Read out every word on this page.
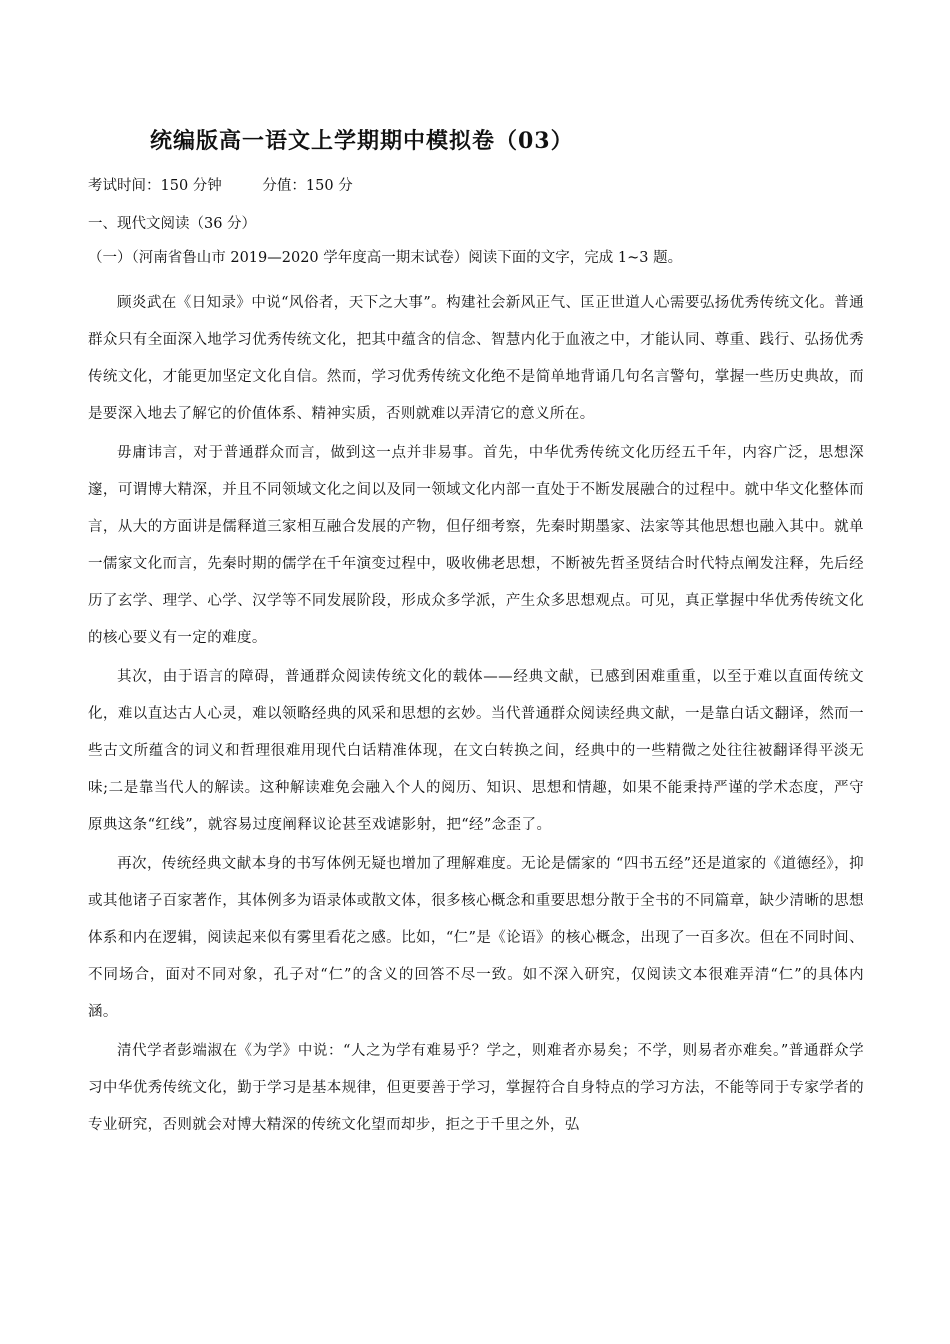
统编版高一语文上学期期中模拟卷（03）
考试时间：150 分钟	分值：150 分
一、现代文阅读（36 分）
（一）（河南省鲁山市 2019—2020 学年度高一期末试卷）阅读下面的文字，完成 1~3 题。

顾炎武在《日知录》中说“风俗者，天下之大事”。构建社会新风正气、匡正世道人心需要弘扬优秀传统文化。普通群众只有全面深入地学习优秀传统文化，把其中蕴含的信念、智慧内化于血液之中，才能认同、尊重、践行、弘扬优秀传统文化，才能更加坚定文化自信。然而，学习优秀传统文化绝不是简单地背诵几句名言警句，掌握一些历史典故，而是要深入地去了解它的价值体系、精神实质，否则就难以弄清它的意义所在。

毋庸讳言，对于普通群众而言，做到这一点并非易事。首先，中华优秀传统文化历经五千年，内容广泛，思想深邃，可谓博大精深，并且不同领域文化之间以及同一领域文化内部一直处于不断发展融合的过程中。就中华文化整体而言，从大的方面讲是儒释道三家相互融合发展的产物，但仔细考察，先秦时期墨家、法家等其他思想也融入其中。就单一儒家文化而言，先秦时期的儒学在千年演变过程中，吸收佛老思想，不断被先哲圣贤结合时代特点阐发注释，先后经历了玄学、理学、心学、汉学等不同发展阶段，形成众多学派，产生众多思想观点。可见，真正掌握中华优秀传统文化的核心要义有一定的难度。

其次，由于语言的障碍，普通群众阅读传统文化的载体——经典文献，已感到困难重重，以至于难以直面传统文化，难以直达古人心灵，难以领略经典的风采和思想的玄妙。当代普通群众阅读经典文献，一是靠白话文翻译，然而一些古文所蕴含的词义和哲理很难用现代白话精准体现，在文白转换之间，经典中的一些精微之处往往被翻译得平淡无味;二是靠当代人的解读。这种解读难免会融入个人的阅历、知识、思想和情趣，如果不能秉持严谨的学术态度，严守原典这条“红线”，就容易过度阐释议论甚至戏谑影射，把“经”念歪了。

再次，传统经典文献本身的书写体例无疑也增加了理解难度。无论是儒家的 “四书五经”还是道家的《道德经》，抑或其他诸子百家著作，其体例多为语录体或散文体，很多核心概念和重要思想分散于全书的不同篇章，缺少清晰的思想体系和内在逻辑，阅读起来似有雾里看花之感。比如，“仁”是《论语》的核心概念，出现了一百多次。但在不同时间、不同场合，面对不同对象，孔子对“仁”的含义的回答不尽一致。如不深入研究，仅阅读文本很难弄清“仁”的具体内涵。

清代学者彭端淑在《为学》中说：“人之为学有难易乎？学之，则难者亦易矣；不学，则易者亦难矣。”普通群众学习中华优秀传统文化，勤于学习是基本规律，但更要善于学习，掌握符合自身特点的学习方法，不能等同于专家学者的专业研究，否则就会对博大精深的传统文化望而却步，拒之于千里之外，弘
